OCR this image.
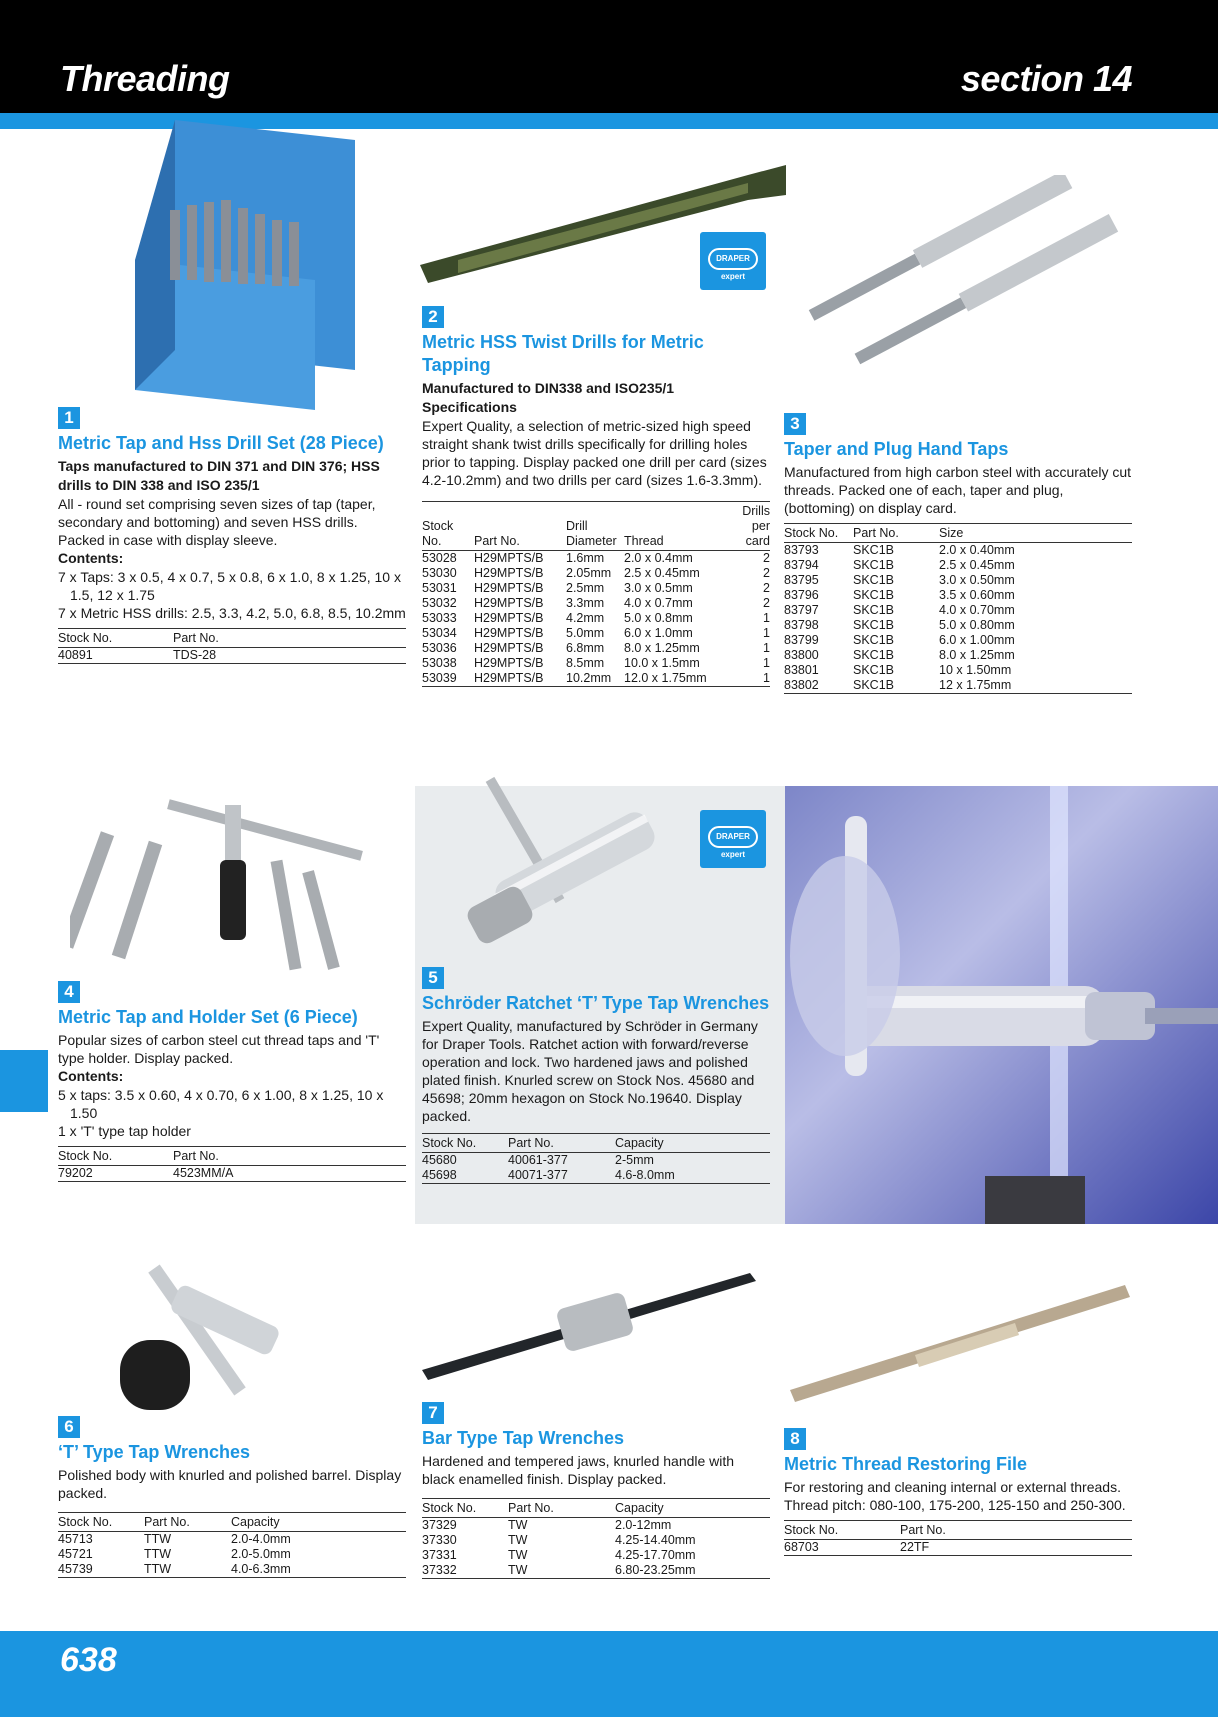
Threading	section 14
638
DRAPER expert
DRAPER expert
1
Metric Tap and Hss Drill Set (28 Piece)
Taps manufactured to DIN 371 and DIN 376; HSS drills to DIN 338 and ISO 235/1
All - round set comprising seven sizes of tap (taper, secondary and bottoming) and seven HSS drills. Packed in case with display sleeve.
Contents:
7 x Taps: 3 x 0.5, 4 x 0.7, 5 x 0.8, 6 x 1.0, 8 x 1.25, 10 x 1.5, 12 x 1.75
7 x Metric HSS drills: 2.5, 3.3, 4.2, 5.0, 6.8, 8.5, 10.2mm
Stock No.	Part No.
40891	TDS-28
2
Metric HSS Twist Drills for Metric Tapping
Manufactured to DIN338 and ISO235/1
Specifications
Expert Quality, a selection of metric-sized high speed straight shank twist drills specifically for drilling holes prior to tapping. Display packed one drill per card (sizes 4.2-10.2mm) and two drills per card (sizes 1.6-3.3mm).
Stock No.	Part No.	Drill Diameter	Thread	Drills per card
53028	H29MPTS/B	1.6mm	2.0 x 0.4mm	2
53030	H29MPTS/B	2.05mm	2.5 x 0.45mm	2
53031	H29MPTS/B	2.5mm	3.0 x 0.5mm	2
53032	H29MPTS/B	3.3mm	4.0 x 0.7mm	2
53033	H29MPTS/B	4.2mm	5.0 x 0.8mm	1
53034	H29MPTS/B	5.0mm	6.0 x 1.0mm	1
53036	H29MPTS/B	6.8mm	8.0 x 1.25mm	1
53038	H29MPTS/B	8.5mm	10.0 x 1.5mm	1
53039	H29MPTS/B	10.2mm	12.0 x 1.75mm	1
3
Taper and Plug Hand Taps
Manufactured from high carbon steel with accurately cut threads. Packed one of each, taper and plug, (bottoming) on display card.
Stock No.	Part No.	Size
83793	SKC1B	2.0 x 0.40mm
83794	SKC1B	2.5 x 0.45mm
83795	SKC1B	3.0 x 0.50mm
83796	SKC1B	3.5 x 0.60mm
83797	SKC1B	4.0 x 0.70mm
83798	SKC1B	5.0 x 0.80mm
83799	SKC1B	6.0 x 1.00mm
83800	SKC1B	8.0 x 1.25mm
83801	SKC1B	10 x 1.50mm
83802	SKC1B	12 x 1.75mm
4
Metric Tap and Holder Set (6 Piece)
Popular sizes of carbon steel cut thread taps and 'T' type holder. Display packed.
Contents:
5 x taps: 3.5 x 0.60, 4 x 0.70, 6 x 1.00, 8 x 1.25, 10 x 1.50
1 x 'T' type tap holder
Stock No.	Part No.
79202	4523MM/A
5
Schröder Ratchet ‘T’ Type Tap Wrenches
Expert Quality, manufactured by Schröder in Germany for Draper Tools. Ratchet action with forward/reverse operation and lock. Two hardened jaws and polished plated finish. Knurled screw on Stock Nos. 45680 and 45698; 20mm hexagon on Stock No.19640. Display packed.
Stock No.	Part No.	Capacity
45680	40061-377	2-5mm
45698	40071-377	4.6-8.0mm
6
‘T’ Type Tap Wrenches
Polished body with knurled and polished barrel. Display packed.
Stock No.	Part No.	Capacity
45713	TTW	2.0-4.0mm
45721	TTW	2.0-5.0mm
45739	TTW	4.0-6.3mm
7
Bar Type Tap Wrenches
Hardened and tempered jaws, knurled handle with black enamelled finish. Display packed.
Stock No.	Part No.	Capacity
37329	TW	2.0-12mm
37330	TW	4.25-14.40mm
37331	TW	4.25-17.70mm
37332	TW	6.80-23.25mm
8
Metric Thread Restoring File
For restoring and cleaning internal or external threads. Thread pitch: 080-100, 175-200, 125-150 and 250-300.
Stock No.	Part No.
68703	22TF
